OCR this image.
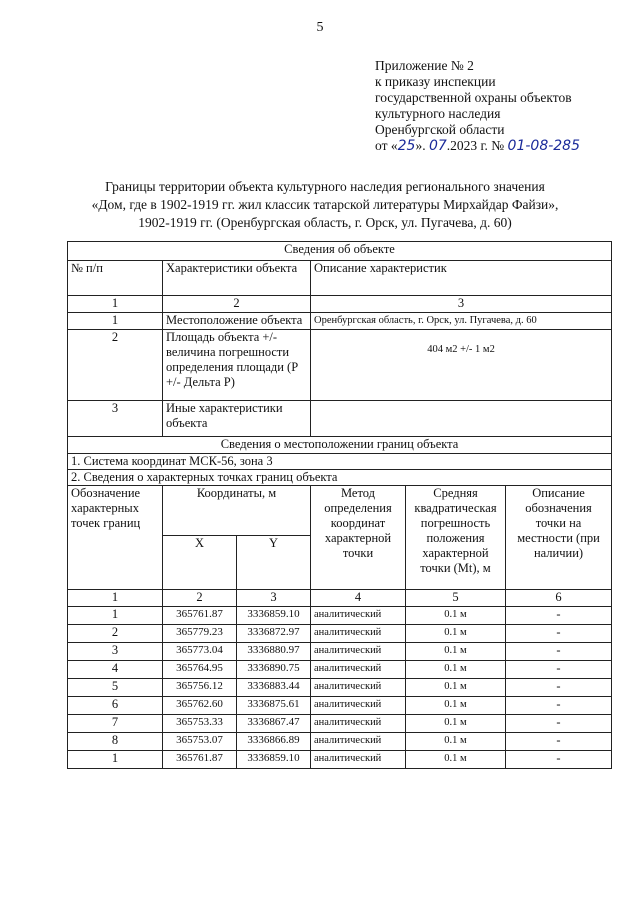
5
Приложение № 2
к приказу инспекции
государственной охраны объектов
культурного наследия
Оренбургской области
от «25». 07.2023 г. № 01-08-285
Границы территории объекта культурного наследия регионального значения
«Дом, где в 1902-1919 гг. жил классик татарской литературы Мирхайдар Файзи»,
1902-1919 гг. (Оренбургская область, г. Орск, ул. Пугачева, д. 60)
Сведения об объекте					
№ п/п	Характеристики объекта		Описание характеристик		
1	2		3		
1	Местоположение объекта		Оренбургская область, г. Орск, ул. Пугачева, д. 60		
2	Площадь объекта +/- величина погрешности определения площади (Р +/- Дельта Р)		404 м2 +/- 1 м2		
3	Иные характеристики объекта				
Сведения о местоположении границ объекта					
1. Система координат МСК-56, зона 3					
2. Сведения о характерных точках границ объекта					
Обозначение характерных точек границ	Координаты, м		Метод определения координат характерной точки	Средняя квадратическая погрешность положения характерной точки (Mt), м	Описание обозначения точки на местности (при наличии)
	X	Y			
1	2	3	4	5	6
1	365761.87	3336859.10	аналитический	0.1 м	-
2	365779.23	3336872.97	аналитический	0.1 м	-
3	365773.04	3336880.97	аналитический	0.1 м	-
4	365764.95	3336890.75	аналитический	0.1 м	-
5	365756.12	3336883.44	аналитический	0.1 м	-
6	365762.60	3336875.61	аналитический	0.1 м	-
7	365753.33	3336867.47	аналитический	0.1 м	-
8	365753.07	3336866.89	аналитический	0.1 м	-
1	365761.87	3336859.10	аналитический	0.1 м	-
